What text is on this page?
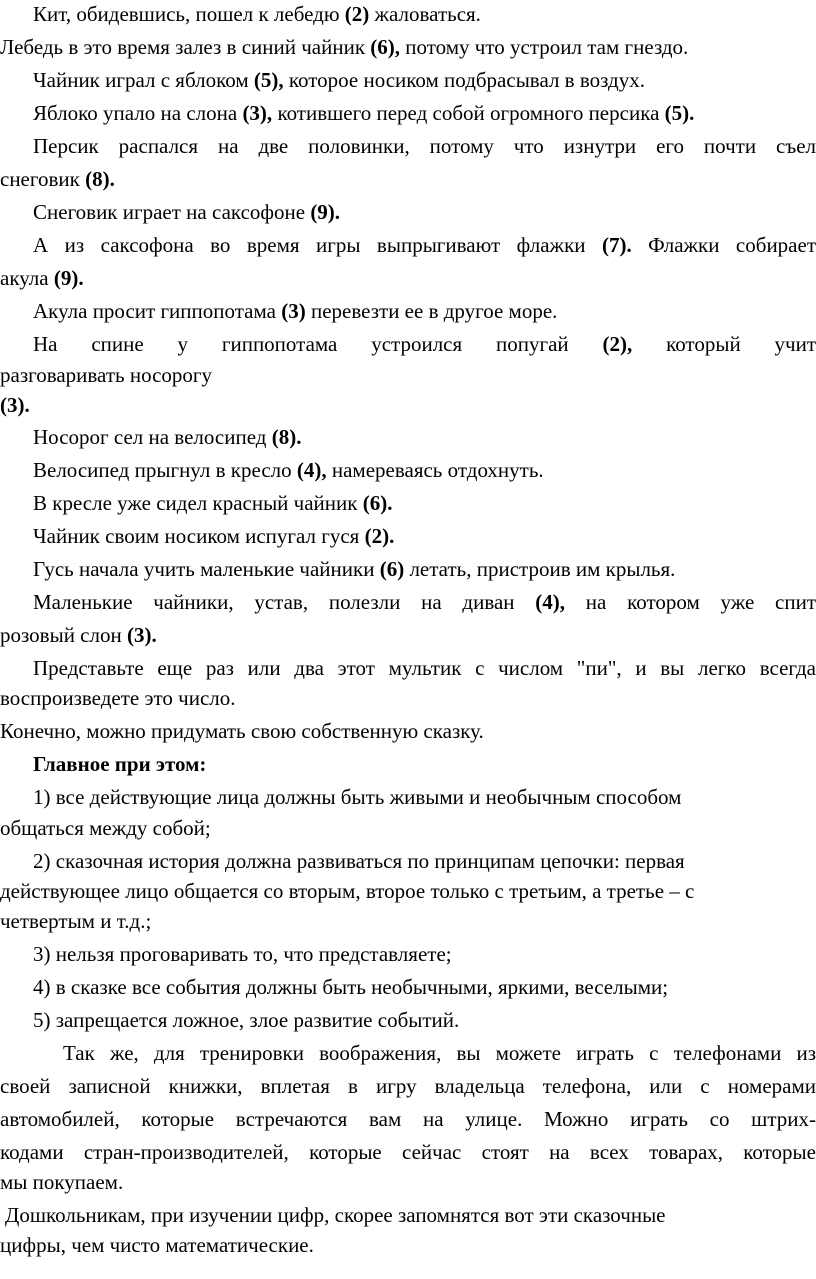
Кит, обидевшись, пошел к лебедю (2) жаловаться.
Лебедь в это время залез в синий чайник (6), потому что устроил там гнездо.
Чайник играл с яблоком (5), которое носиком подбрасывал в воздух.
Яблоко упало на слона (3), котившего перед собой огромного персика (5).
Персик распался на две половинки, потому что изнутри его почти съел
снеговик (8).
Снеговик играет на саксофоне (9).
А из саксофона во время игры выпрыгивают флажки (7). Флажки собирает
акула (9).
Акула просит гиппопотама (3) перевезти ее в другое море.
На спине у гиппопотама устроился попугай (2), который учит
разговаривать носорогу
(3).
Носорог сел на велосипед (8).
Велосипед прыгнул в кресло (4), намереваясь отдохнуть.
В кресле уже сидел красный чайник (6).
Чайник своим носиком испугал гуся (2).
Гусь начала учить маленькие чайники (6) летать, пристроив им крылья.
Маленькие чайники, устав, полезли на диван (4), на котором уже спит
розовый слон (3).
Представьте еще раз или два этот мультик с числом "пи", и вы легко всегда
воспроизведете это число.
Конечно, можно придумать свою собственную сказку.
Главное при этом:
1) все действующие лица должны быть живыми и необычным способом
общаться между собой;
2) сказочная история должна развиваться по принципам цепочки: первая
действующее лицо общается со вторым, второе только с третьим, а третье – с
четвертым и т.д.;
3) нельзя проговаривать то, что представляете;
4) в сказке все события должны быть необычными, яркими, веселыми;
5) запрещается ложное, злое развитие событий.
Так же, для тренировки воображения, вы можете играть с телефонами из
своей записной книжки, вплетая в игру владельца телефона, или с номерами
автомобилей, которые встречаются вам на улице. Можно играть со штрих-
кодами стран-производителей, которые сейчас стоят на всех товарах, которые
мы покупаем.
Дошкольникам, при изучении цифр, скорее запомнятся вот эти сказочные
цифры, чем чисто математические.
